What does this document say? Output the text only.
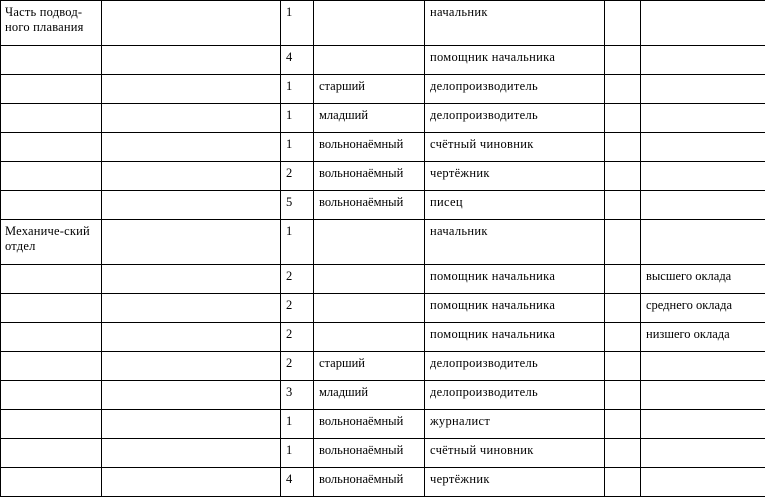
Часть подвод-ного плавания		1		начальник		
		4		помощник начальника		
		1	старший	делопроизводитель		
		1	младший	делопроизводитель		
		1	вольнонаёмный	счётный чиновник		
		2	вольнонаёмный	чертёжник		
		5	вольнонаёмный	писец		
Механиче-ский отдел		1		начальник		
		2		помощник начальника		высшего оклада
		2		помощник начальника		среднего оклада
		2		помощник начальника		низшего оклада
		2	старший	делопроизводитель		
		3	младший	делопроизводитель		
		1	вольнонаёмный	журналист		
		1	вольнонаёмный	счётный чиновник		
		4	вольнонаёмный	чертёжник		
